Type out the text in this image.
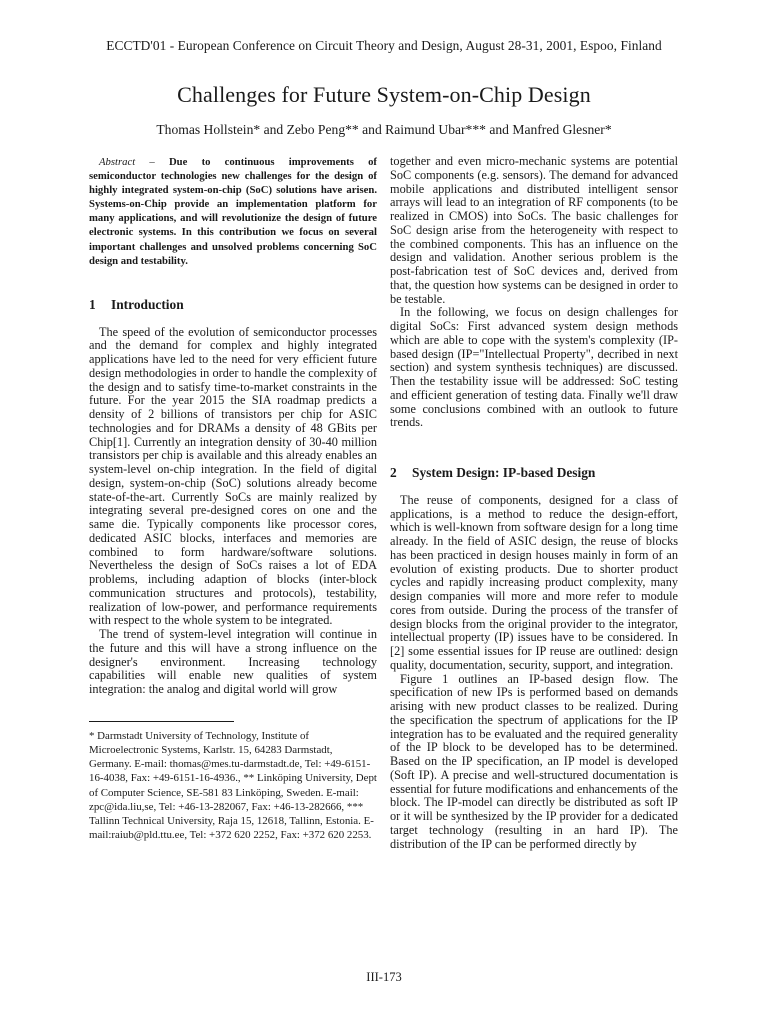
ECCTD'01 - European Conference on Circuit Theory and Design, August 28-31, 2001, Espoo, Finland
Challenges for Future System-on-Chip Design
Thomas Hollstein* and Zebo Peng** and Raimund Ubar*** and Manfred Glesner*

Abstract – Due to continuous improvements of semiconductor technologies new challenges for the design of highly integrated system-on-chip (SoC) solutions have arisen. Systems-on-Chip provide an implementation platform for many applications, and will revolutionize the design of future electronic systems. In this contribution we focus on several important challenges and unsolved problems concerning SoC design and testability.

1 Introduction

The speed of the evolution of semiconductor processes and the demand for complex and highly integrated applications have led to the need for very efficient future design methodologies in order to handle the complexity of the design and to satisfy time-to-market constraints in the future. For the year 2015 the SIA roadmap predicts a density of 2 billions of transistors per chip for ASIC technologies and for DRAMs a density of 48 GBits per Chip[1]. Currently an integration density of 30-40 million transistors per chip is available and this already enables an system-level on-chip integration. In the field of digital design, system-on-chip (SoC) solutions already become state-of-the-art. Currently SoCs are mainly realized by integrating several pre-designed cores on one and the same die. Typically components like processor cores, dedicated ASIC blocks, interfaces and memories are combined to form hardware/software solutions. Nevertheless the design of SoCs raises a lot of EDA problems, including adaption of blocks (inter-block communication structures and protocols), testability, realization of low-power, and performance requirements with respect to the whole system to be integrated.

The trend of system-level integration will continue in the future and this will have a strong influence on the designer's environment. Increasing technology capabilities will enable new qualities of system integration: the analog and digital world will grow

* Darmstadt University of Technology, Institute of Microelectronic Systems, Karlstr. 15, 64283 Darmstadt, Germany. E-mail: thomas@mes.tu-darmstadt.de, Tel: +49-6151-16-4038, Fax: +49-6151-16-4936., ** Linköping University, Dept of Computer Science, SE-581 83 Linköping, Sweden. E-mail: zpc@ida.liu,se, Tel: +46-13-282067, Fax: +46-13-282666, *** Tallinn Technical University, Raja 15, 12618, Tallinn, Estonia. E-mail:raiub@pld.ttu.ee, Tel: +372 620 2252, Fax: +372 620 2253.

together and even micro-mechanic systems are potential SoC components (e.g. sensors). The demand for advanced mobile applications and distributed intelligent sensor arrays will lead to an integration of RF components (to be realized in CMOS) into SoCs. The basic challenges for SoC design arise from the heterogeneity with respect to the combined components. This has an influence on the design and validation. Another serious problem is the post-fabrication test of SoC devices and, derived from that, the question how systems can be designed in order to be testable.

In the following, we focus on design challenges for digital SoCs: First advanced system design methods which are able to cope with the system's complexity (IP-based design (IP="Intellectual Property", decribed in next section) and system synthesis techniques) are discussed. Then the testability issue will be addressed: SoC testing and efficient generation of testing data. Finally we'll draw some conclusions combined with an outlook to future trends.

2 System Design: IP-based Design

The reuse of components, designed for a class of applications, is a method to reduce the design-effort, which is well-known from software design for a long time already. In the field of ASIC design, the reuse of blocks has been practiced in design houses mainly in form of an evolution of existing products. Due to shorter product cycles and rapidly increasing product complexity, many design companies will more and more refer to module cores from outside. During the process of the transfer of design blocks from the original provider to the integrator, intellectual property (IP) issues have to be considered. In [2] some essential issues for IP reuse are outlined: design quality, documentation, security, support, and integration.

Figure 1 outlines an IP-based design flow. The specification of new IPs is performed based on demands arising with new product classes to be realized. During the specification the spectrum of applications for the IP integration has to be evaluated and the required generality of the IP block to be developed has to be determined. Based on the IP specification, an IP model is developed (Soft IP). A precise and well-structured documentation is essential for future modifications and enhancements of the block. The IP-model can directly be distributed as soft IP or it will be synthesized by the IP provider for a dedicated target technology (resulting in an hard IP). The distribution of the IP can be performed directly by

III-173
